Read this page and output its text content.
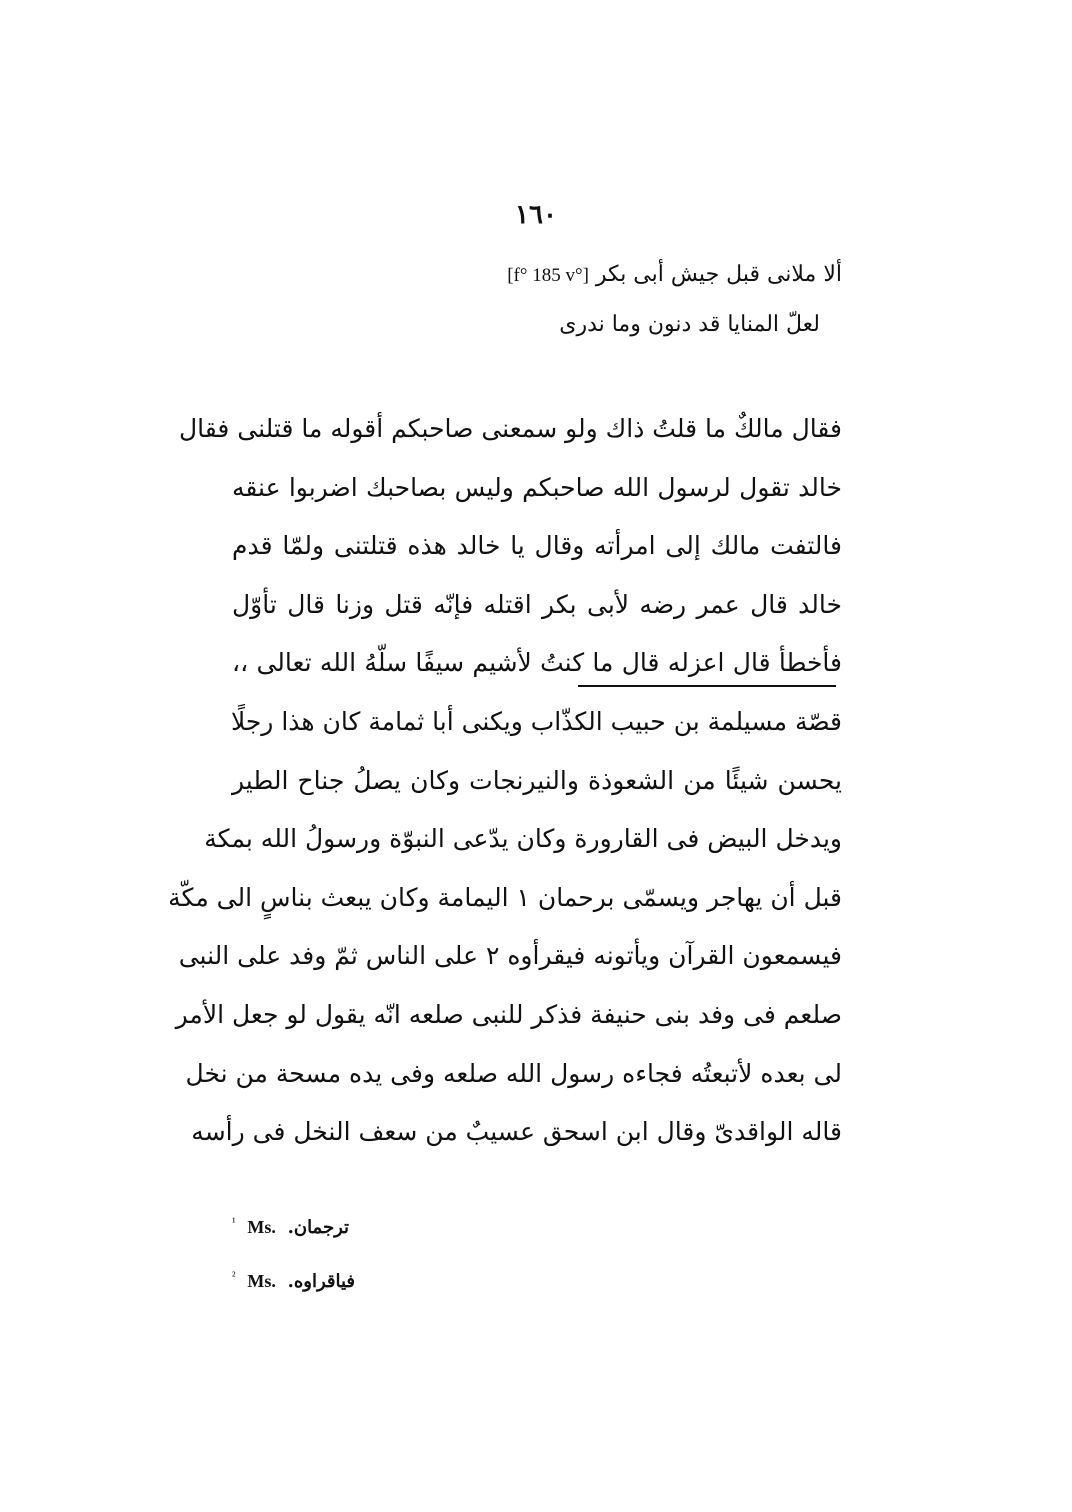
١٦٠
ألا ملانى قبل جيش أبى بكر [f° 185 v°]
لعلّ المنايا قد دنون وما ندرى
فقال مالكٌ ما قلتُ ذاك ولو سمعنى صاحبكم أقوله ما قتلنى فقال
خالد تقول لرسول الله صاحبكم وليس بصاحبك اضربوا عنقه
فالتفت مالك إلى امرأته وقال يا خالد هذه قتلتنى ولمّا قدم
خالد قال عمر رضه لأبى بكر اقتله فإنّه قتل وزنا قال تأوّل
فأخطأ قال اعزله قال ما كنتُ لأشيم سيفًا سلّهُ الله تعالى ،،
قصّة مسيلمة بن حبيب الكذّاب ويكنى أبا ثمامة كان هذا رجلًا
يحسن شيئًا من الشعوذة والنيرنجات وكان يصلُ جناح الطير
ويدخل البيض فى القارورة وكان يدّعى النبوّة ورسولُ الله بمكة
قبل أن يهاجر ويسمّى برحمان ١ اليمامة وكان يبعث بناسٍ الى مكّة
فيسمعون القرآن ويأتونه فيقرأوه ٢ على الناس ثمّ وفد على النبى
صلعم فى وفد بنى حنيفة فذكر للنبى صلعه انّه يقول لو جعل الأمر
لى بعده لأتبعتُه فجاءه رسول الله صلعه وفى يده مسحة من نخل
قاله الواقدىّ وقال ابن اسحق عسيبٌ من سعف النخل فى رأسه
$^{^1}$ Ms. ترجمان.
$^{^2}$ Ms. فياقراوه.
